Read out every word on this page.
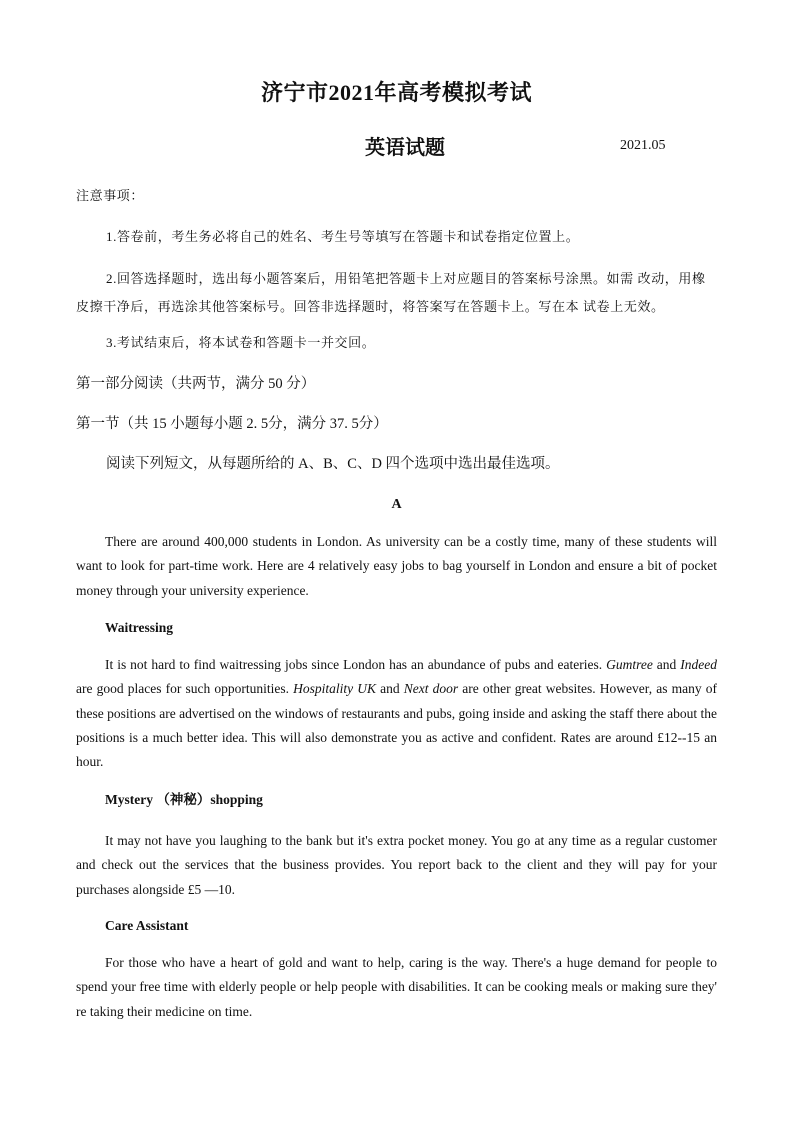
济宁市2021年高考模拟考试
英语试题	2021.05
注意事项：
1.答卷前，考生务必将自己的姓名、考生号等填写在答题卡和试卷指定位置上。
2.回答选择题时，选出每小题答案后，用铅笔把答题卡上对应题目的答案标号涂黑。如需 改动，用橡皮擦干净后，再选涂其他答案标号。回答非选择题时，将答案写在答题卡上。写在本 试卷上无效。
3.考试结束后，将本试卷和答题卡一并交回。
第一部分阅读（共两节，满分 50 分）
第一节（共 15 小题每小题 2. 5分，满分 37. 5分）
阅读下列短文，从每题所给的 A、B、C、D 四个选项中选出最佳选项。
A
There are around 400,000 students in London. As university can be a costly time, many of these students will want to look for part-time work. Here are 4 relatively easy jobs to bag yourself in London and ensure a bit of pocket money through your university experience.
Waitressing
It is not hard to find waitressing jobs since London has an abundance of pubs and eateries. Gumtree and Indeed are good places for such opportunities. Hospitality UK and Next door are other great websites. However, as many of these positions are advertised on the windows of restaurants and pubs, going inside and asking the staff there about the positions is a much better idea. This will also demonstrate you as active and confident. Rates are around £12--15 an hour.
Mystery （神秘）shopping
It may not have you laughing to the bank but it's extra pocket money. You go at any time as a regular customer and check out the services that the business provides. You report back to the client and they will pay for your purchases alongside £5 —10.
Care Assistant
For those who have a heart of gold and want to help, caring is the way. There's a huge demand for people to spend your free time with elderly people or help people with disabilities. It can be cooking meals or making sure they' re taking their medicine on time.
